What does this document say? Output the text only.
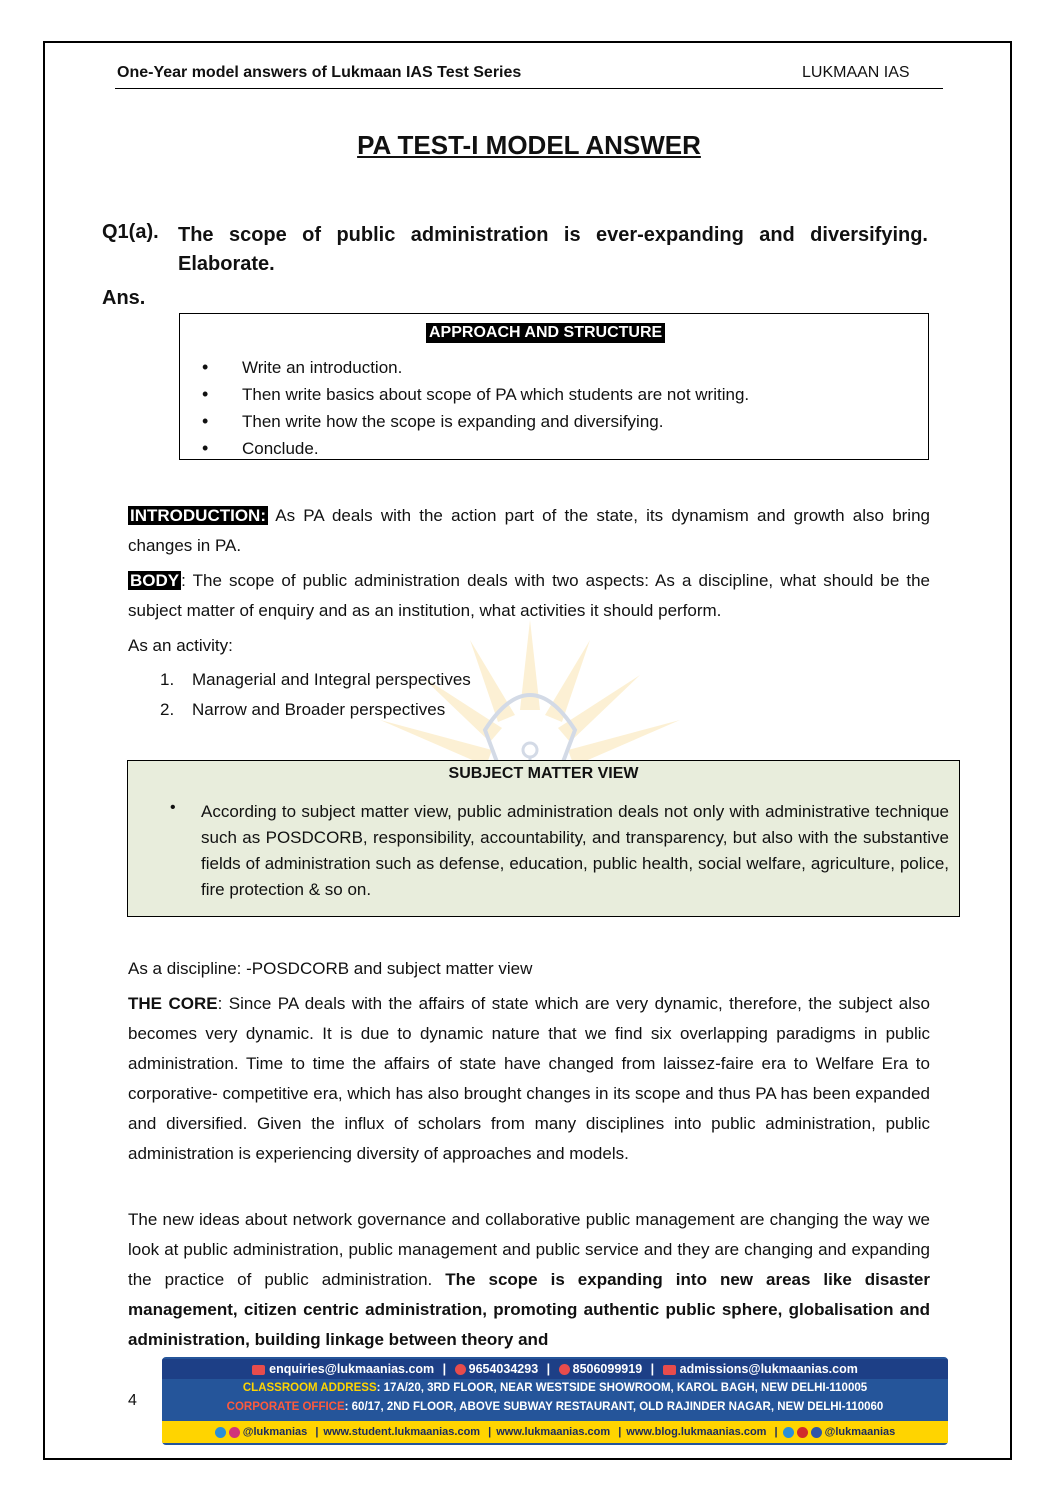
One-Year model answers of Lukmaan IAS Test Series	LUKMAAN IAS
PA TEST-I MODEL ANSWER
Q1(a). The scope of public administration is ever-expanding and diversifying. Elaborate.
Ans.
APPROACH AND STRUCTURE
• Write an introduction.
• Then write basics about scope of PA which students are not writing.
• Then write how the scope is expanding and diversifying.
• Conclude.
INTRODUCTION: As PA deals with the action part of the state, its dynamism and growth also bring changes in PA.
BODY : The scope of public administration deals with two aspects: As a discipline, what should be the subject matter of enquiry and as an institution, what activities it should perform.
As an activity:
1. Managerial and Integral perspectives
2. Narrow and Broader perspectives
SUBJECT MATTER VIEW
• According to subject matter view, public administration deals not only with administrative technique such as POSDCORB, responsibility, accountability, and transparency, but also with the substantive fields of administration such as defense, education, public health, social welfare, agriculture, police, fire protection & so on.
As a discipline: -POSDCORB and subject matter view
THE CORE: Since PA deals with the affairs of state which are very dynamic, therefore, the subject also becomes very dynamic. It is due to dynamic nature that we find six overlapping paradigms in public administration. Time to time the affairs of state have changed from laissez-faire era to Welfare Era to corporative- competitive era, which has also brought changes in its scope and thus PA has been expanded and diversified. Given the influx of scholars from many disciplines into public administration, public administration is experiencing diversity of approaches and models.
The new ideas about network governance and collaborative public management are changing the way we look at public administration, public management and public service and they are changing and expanding the practice of public administration. The scope is expanding into new areas like disaster management, citizen centric administration, promoting authentic public sphere, globalisation and administration, building linkage between theory and
4
enquiries@lukmaanias.com | 9654034293 | 8506099919 | admissions@lukmaanias.com
CLASSROOM ADDRESS: 17A/20, 3RD FLOOR, NEAR WESTSIDE SHOWROOM, KAROL BAGH, NEW DELHI-110005
CORPORATE OFFICE: 60/17, 2ND FLOOR, ABOVE SUBWAY RESTAURANT, OLD RAJINDER NAGAR, NEW DELHI-110060
@lukmanias | www.student.lukmaanias.com | www.lukmaanias.com | www.blog.lukmaanias.com |	@lukmaanias
